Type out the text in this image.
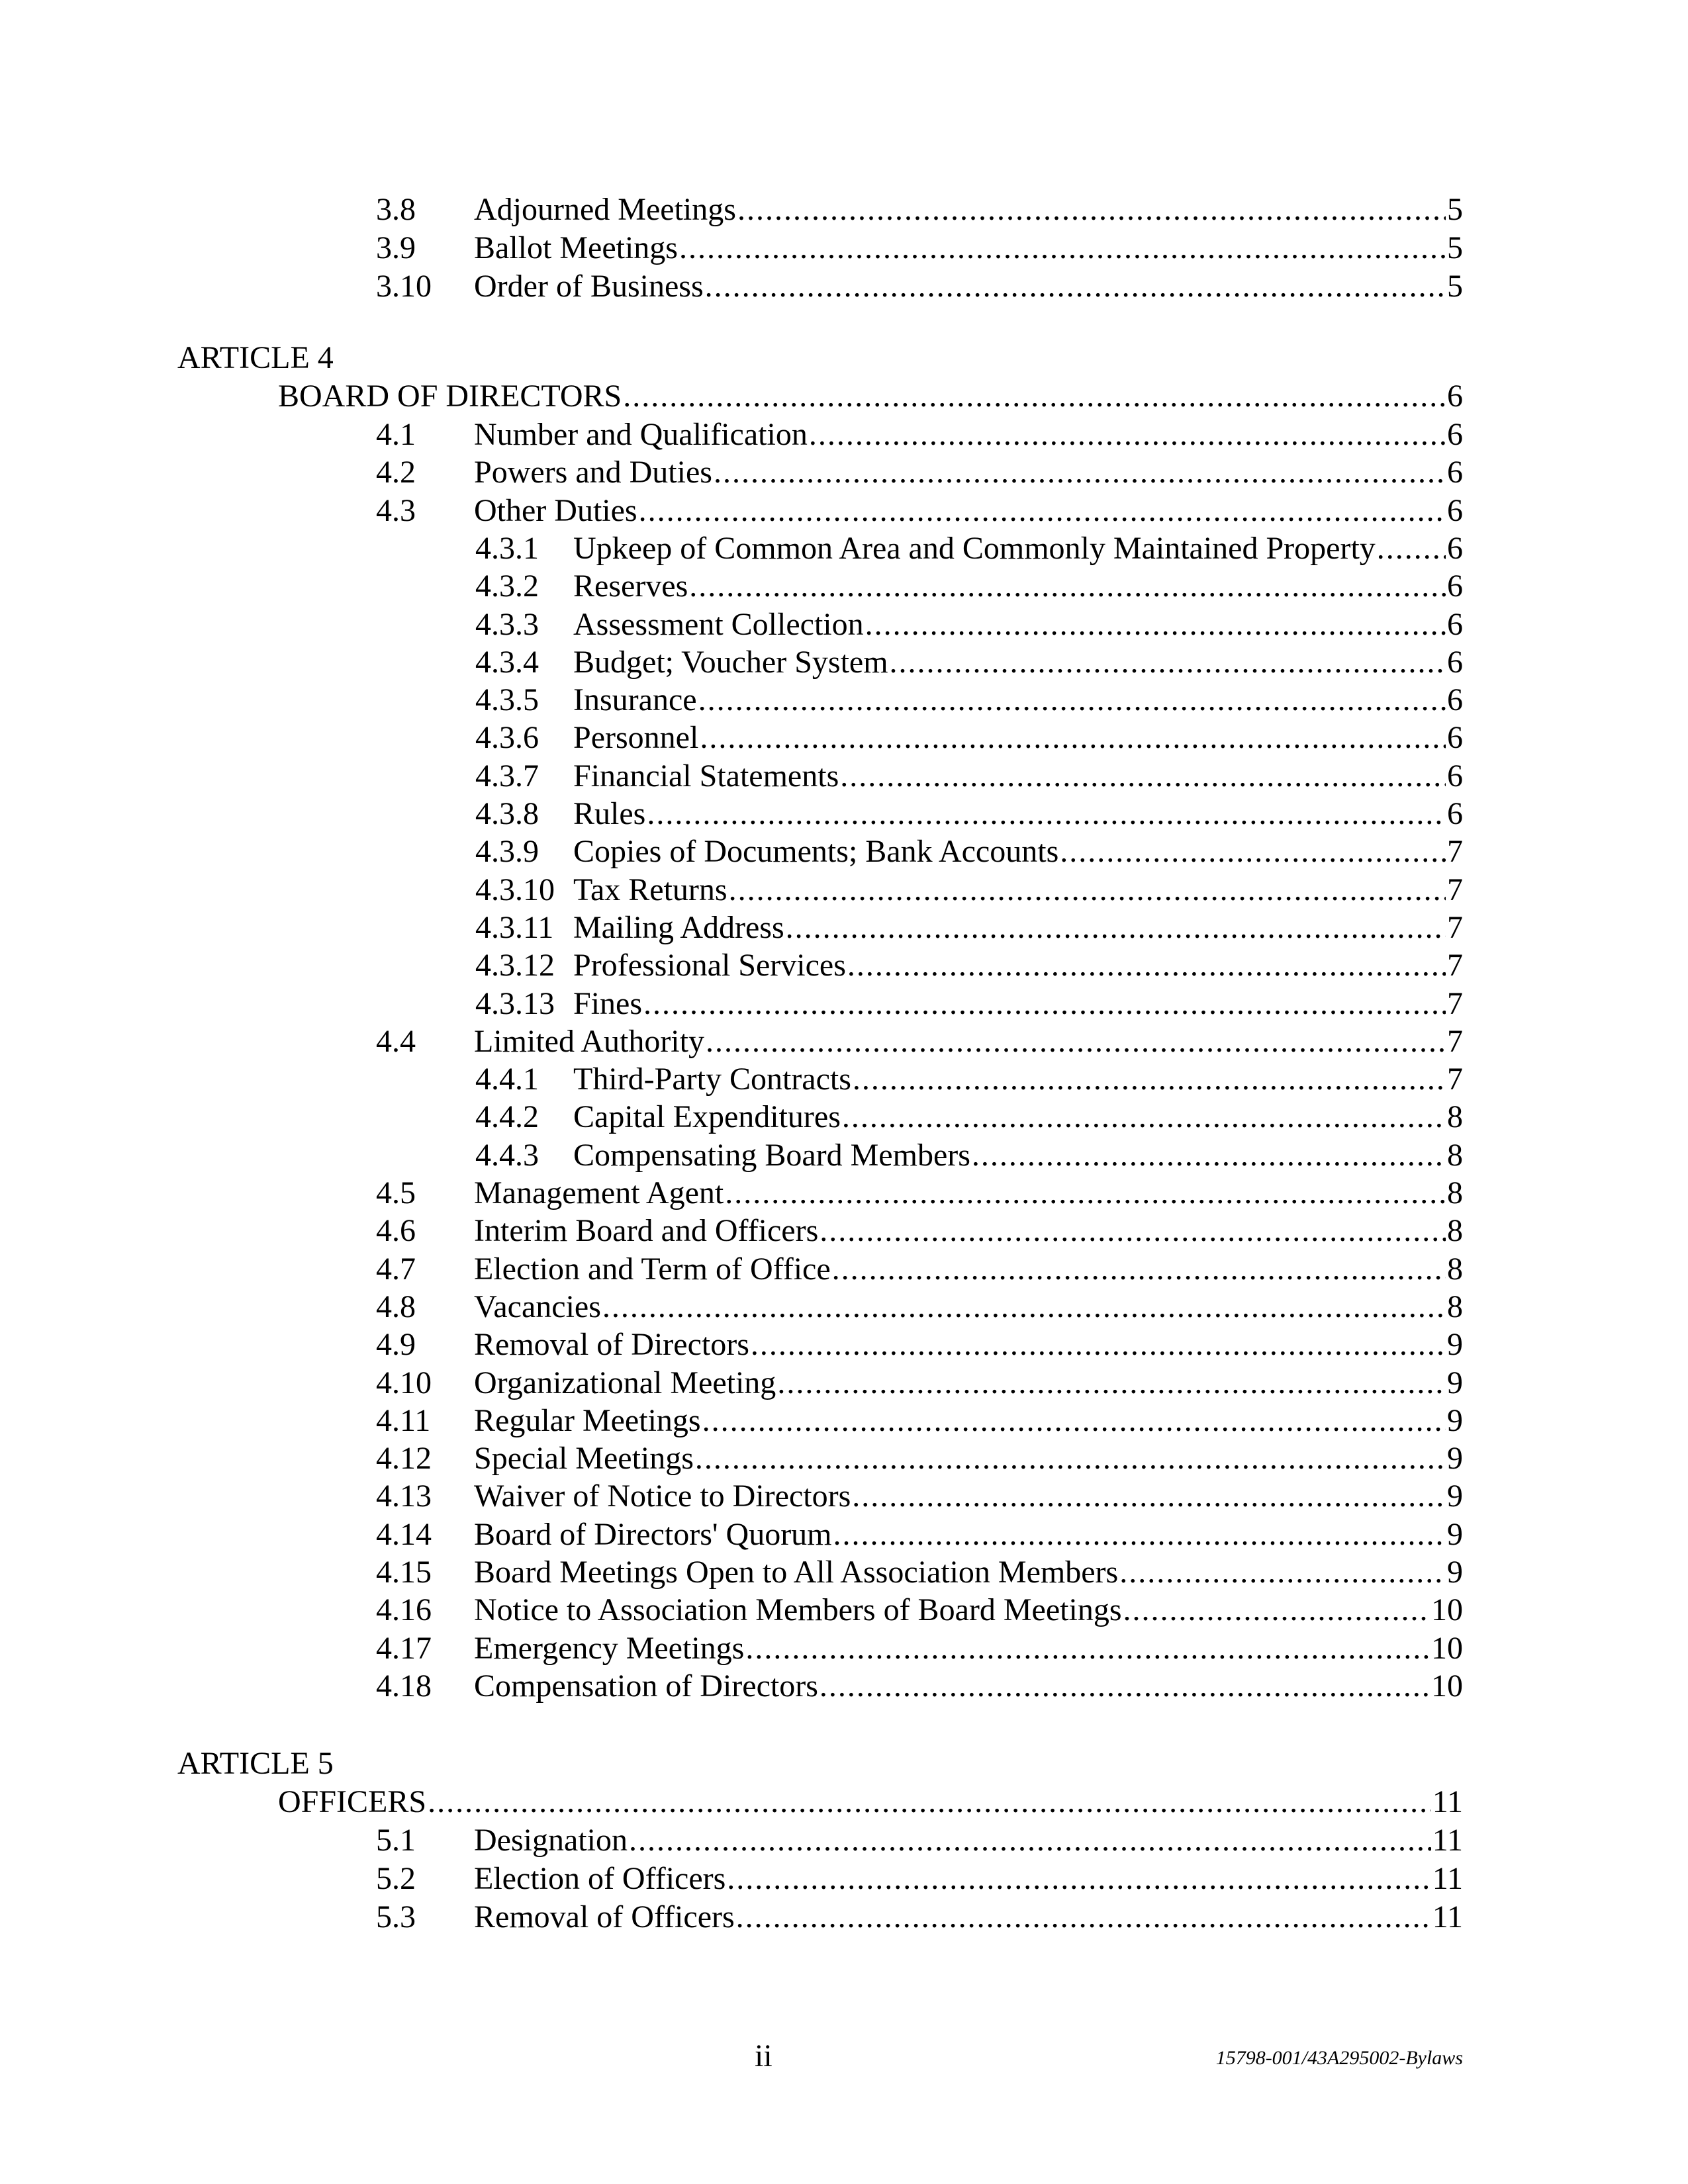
3.8	Adjourned Meetings .....	5
3.9	Ballot Meetings .....	5
3.10	Order of Business .....	5
ARTICLE 4
BOARD OF DIRECTORS .....	6
4.1	Number and Qualification .....	6
4.2	Powers and Duties .....	6
4.3	Other Duties .....	6
4.3.1	Upkeep of Common Area and Commonly Maintained Property ..... 6
4.3.2	Reserves .....	6
4.3.3	Assessment Collection .....	6
4.3.4	Budget; Voucher System .....	6
4.3.5	Insurance .....	6
4.3.6	Personnel .....	6
4.3.7	Financial Statements .....	6
4.3.8	Rules .....	6
4.3.9	Copies of Documents; Bank Accounts .....	7
4.3.10 Tax Returns .....	7
4.3.11 Mailing Address .....	7
4.3.12 Professional Services .....	7
4.3.13 Fines .....	7
4.4	Limited Authority .....	7
4.4.1	Third-Party Contracts .....	7
4.4.2	Capital Expenditures .....	8
4.4.3	Compensating Board Members .....	8
4.5	Management Agent .....	8
4.6	Interim Board and Officers .....	8
4.7	Election and Term of Office .....	8
4.8	Vacancies .....	8
4.9	Removal of Directors .....	9
4.10	Organizational Meeting .....	9
4.11	Regular Meetings .....	9
4.12	Special Meetings .....	9
4.13	Waiver of Notice to Directors .....	9
4.14	Board of Directors' Quorum .....	9
4.15	Board Meetings Open to All Association Members .....	9
4.16	Notice to Association Members of Board Meetings .....	10
4.17	Emergency Meetings .....	10
4.18	Compensation of Directors .....	10
ARTICLE 5
OFFICERS .....	11
5.1	Designation .....	11
5.2	Election of Officers .....	11
5.3	Removal of Officers .....	11
ii	15798-001/43A295002-Bylaws
